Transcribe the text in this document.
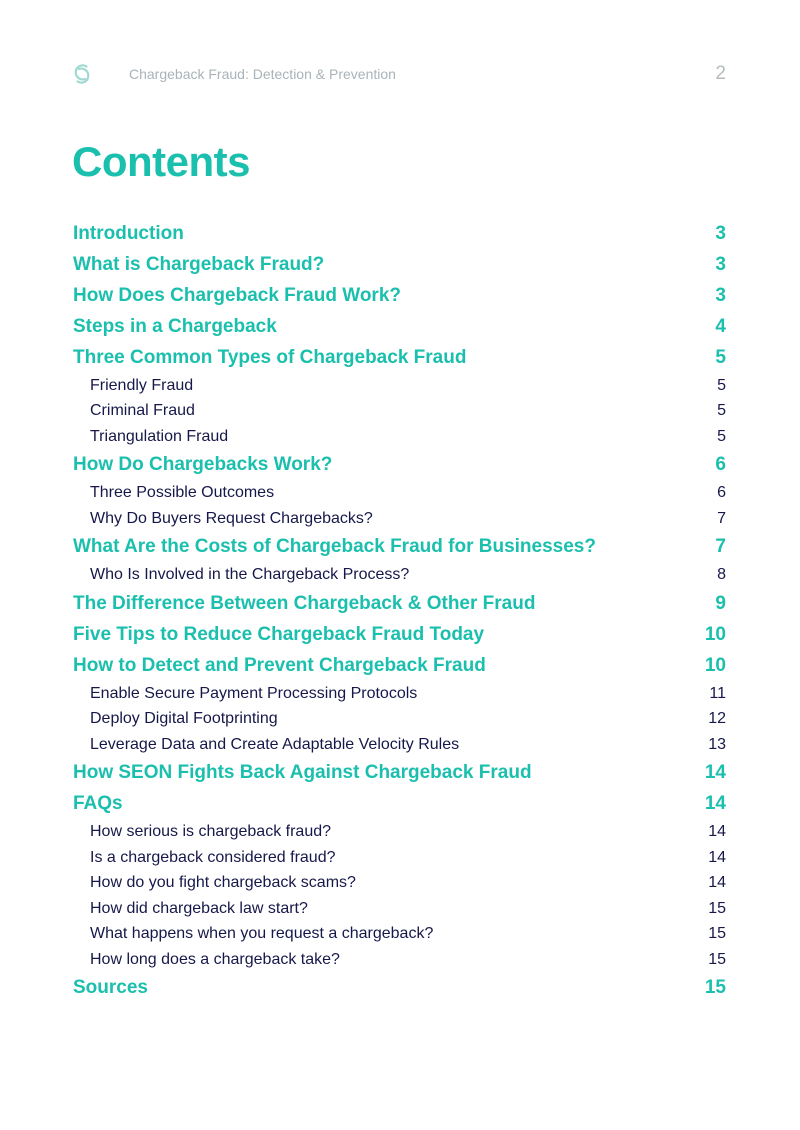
Chargeback Fraud: Detection & Prevention	2
Contents
Introduction	3
What is Chargeback Fraud?	3
How Does Chargeback Fraud Work?	3
Steps in a Chargeback	4
Three Common Types of Chargeback Fraud	5
Friendly Fraud	5
Criminal Fraud	5
Triangulation Fraud	5
How Do Chargebacks Work?	6
Three Possible Outcomes	6
Why Do Buyers Request Chargebacks?	7
What Are the Costs of Chargeback Fraud for Businesses?	7
Who Is Involved in the Chargeback Process?	8
The Difference Between Chargeback & Other Fraud	9
Five Tips to Reduce Chargeback Fraud Today	10
How to Detect and Prevent Chargeback Fraud	10
Enable Secure Payment Processing Protocols	11
Deploy Digital Footprinting	12
Leverage Data and Create Adaptable Velocity Rules	13
How SEON Fights Back Against Chargeback Fraud	14
FAQs	14
How serious is chargeback fraud?	14
Is a chargeback considered fraud?	14
How do you fight chargeback scams?	14
How did chargeback law start?	15
What happens when you request a chargeback?	15
How long does a chargeback take?	15
Sources	15
